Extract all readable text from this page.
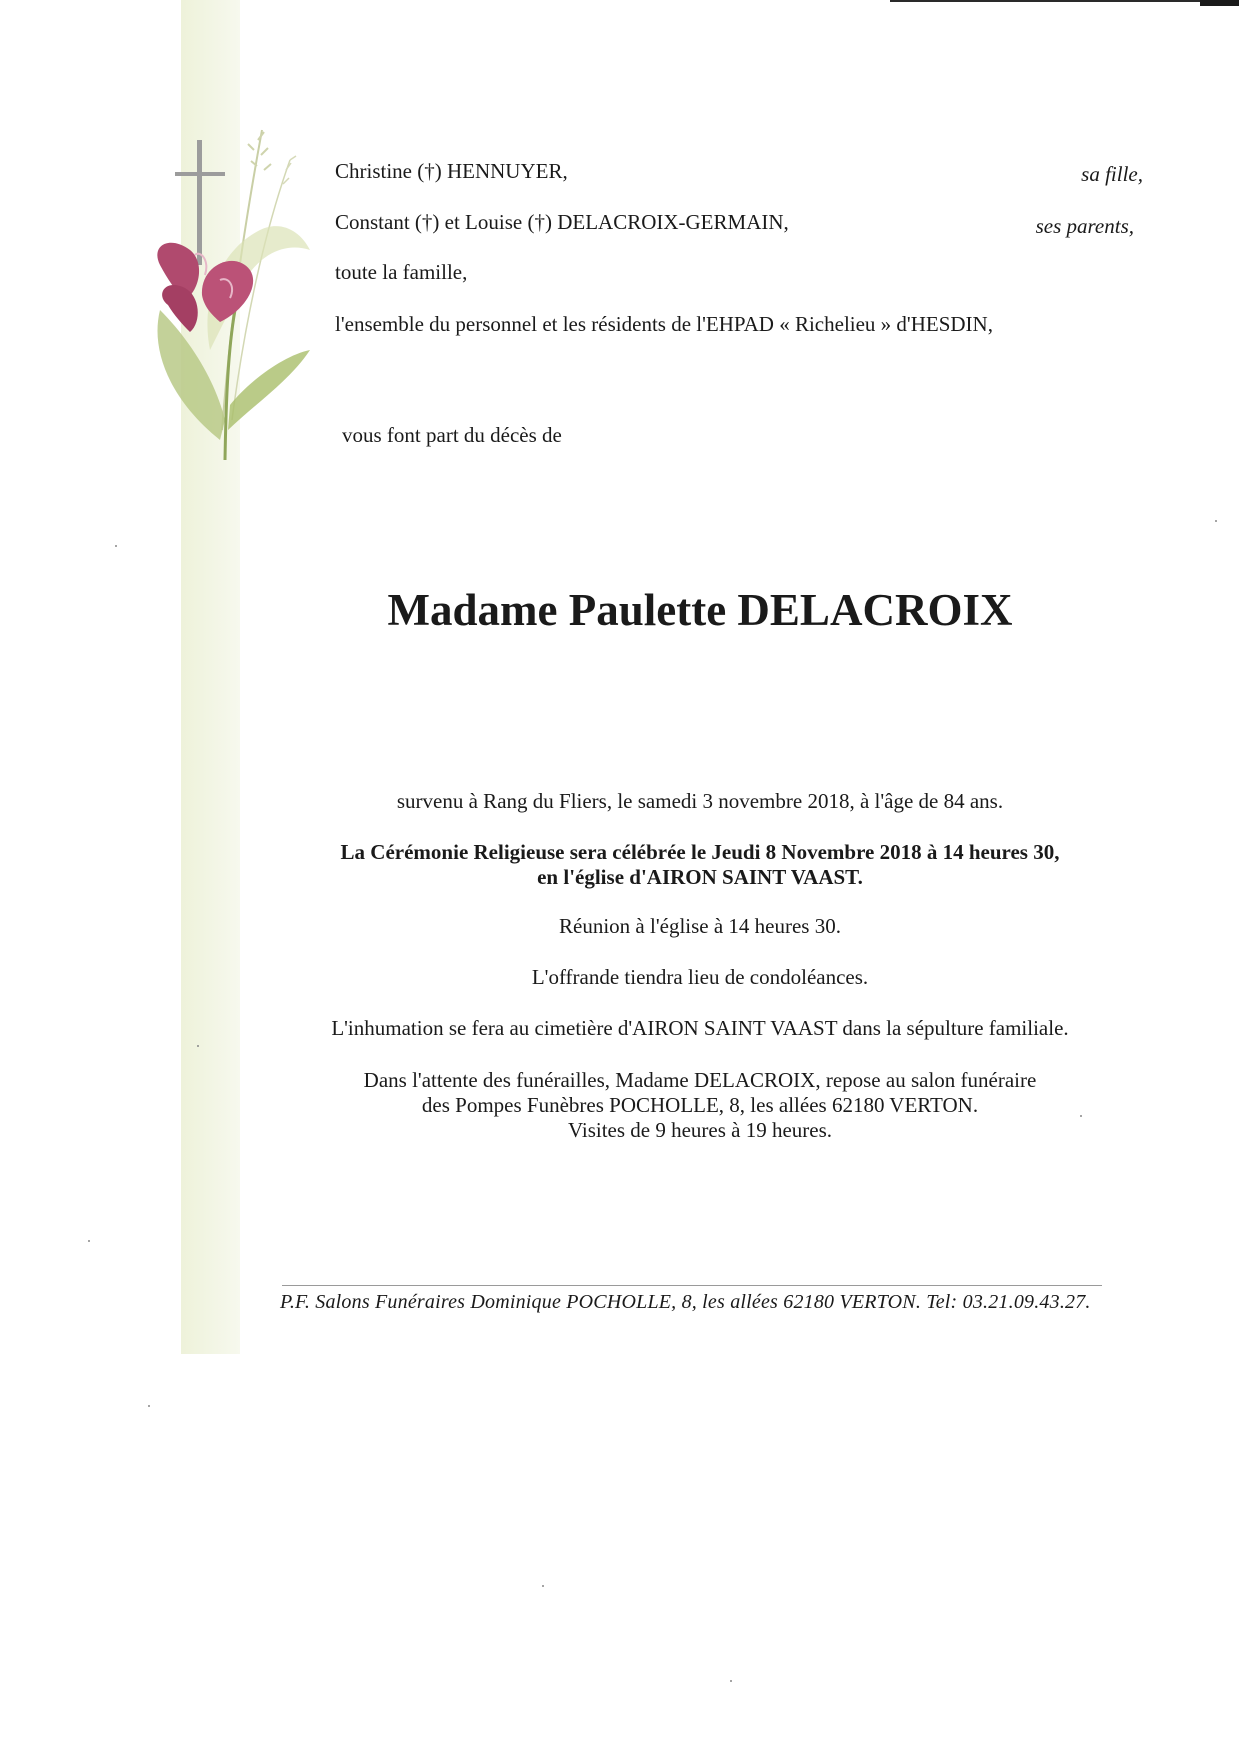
Christine (†) HENNUYER,	sa fille,
Constant (†) et Louise (†) DELACROIX-GERMAIN,	ses parents,
toute la famille,
l'ensemble du personnel et les résidents de l'EHPAD « Richelieu » d'HESDIN,
vous font part du décès de
Madame Paulette DELACROIX
survenu à Rang du Fliers, le samedi 3 novembre 2018, à l'âge de 84 ans.
La Cérémonie Religieuse sera célébrée le Jeudi 8 Novembre 2018 à 14 heures 30,
en l'église d'AIRON SAINT VAAST.
Réunion à l'église à 14 heures 30.
L'offrande tiendra lieu de condoléances.
L'inhumation se fera au cimetière d'AIRON SAINT VAAST dans la sépulture familiale.
Dans l'attente des funérailles, Madame DELACROIX, repose au salon funéraire
des Pompes Funèbres POCHOLLE, 8, les allées 62180 VERTON.
Visites de 9 heures à 19 heures.
P.F. Salons Funéraires Dominique POCHOLLE, 8, les allées 62180 VERTON. Tel: 03.21.09.43.27.
